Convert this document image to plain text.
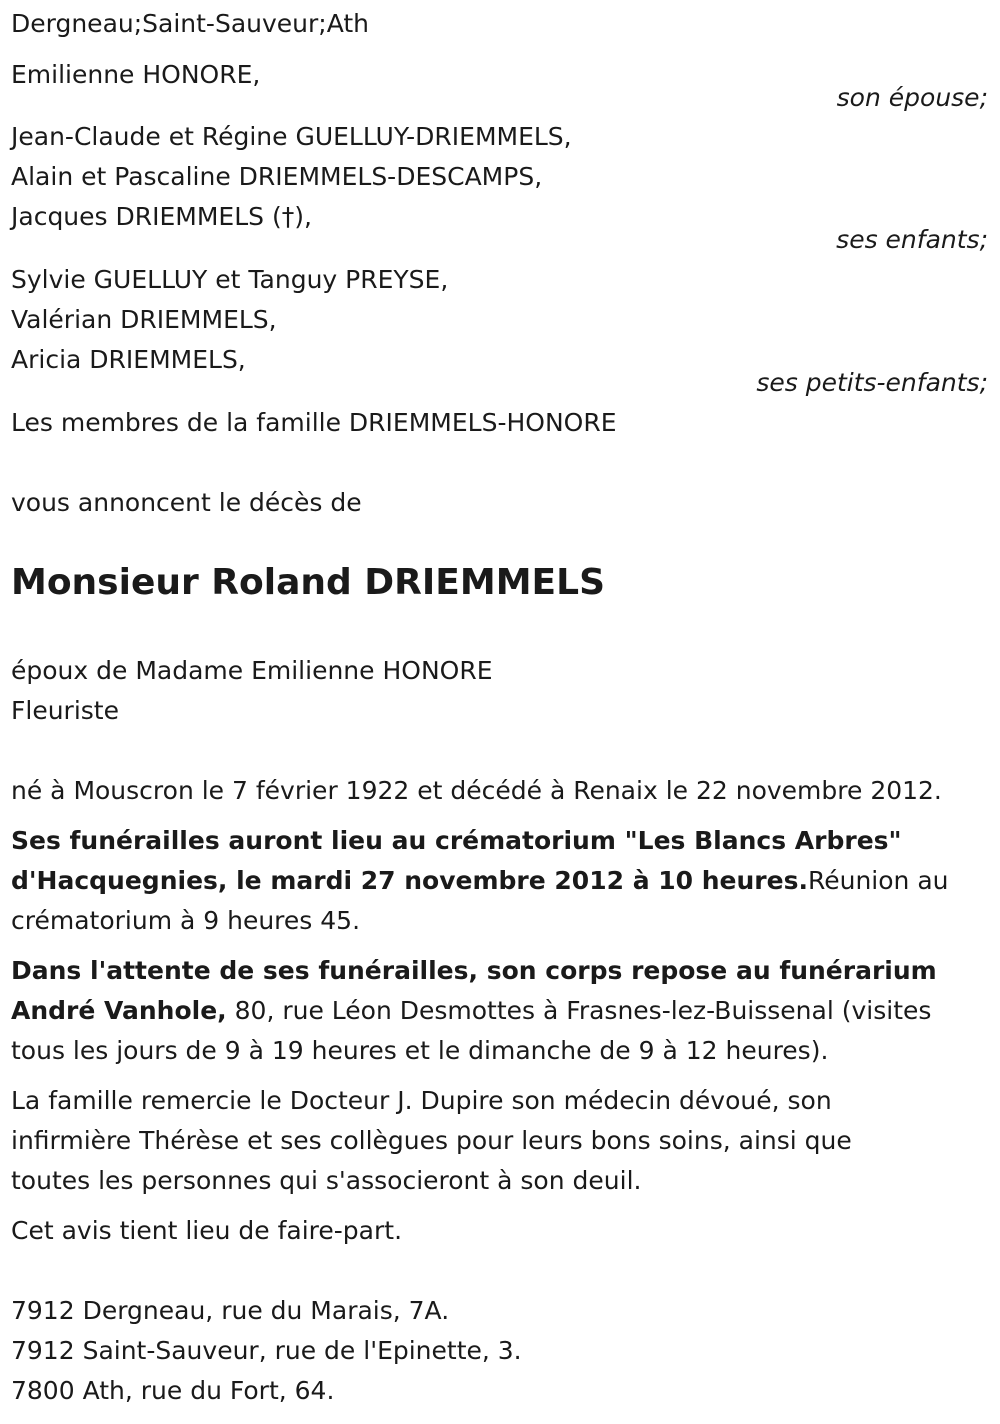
Dergneau;Saint-Sauveur;Ath
Emilienne HONORE,
son épouse;
Jean-Claude et Régine GUELLUY-DRIEMMELS,
Alain et Pascaline DRIEMMELS-DESCAMPS,
Jacques DRIEMMELS (†),
ses enfants;
Sylvie GUELLUY et Tanguy PREYSE,
Valérian DRIEMMELS,
Aricia DRIEMMELS,
ses petits-enfants;
Les membres de la famille DRIEMMELS-HONORE
vous annoncent le décès de
Monsieur Roland DRIEMMELS
époux de Madame Emilienne HONORE
Fleuriste
né à Mouscron le 7 février 1922 et décédé à Renaix le 22 novembre 2012.
Ses funérailles auront lieu au crématorium "Les Blancs Arbres"
d'Hacquegnies, le mardi 27 novembre 2012 à 10 heures.Réunion au
crématorium à 9 heures 45.
Dans l'attente de ses funérailles, son corps repose au funérarium
André Vanhole, 80, rue Léon Desmottes à Frasnes-lez-Buissenal (visites
tous les jours de 9 à 19 heures et le dimanche de 9 à 12 heures).
La famille remercie le Docteur J. Dupire son médecin dévoué, son
infirmière Thérèse et ses collègues pour leurs bons soins, ainsi que
toutes les personnes qui s'associeront à son deuil.
Cet avis tient lieu de faire-part.
7912 Dergneau, rue du Marais, 7A.
7912 Saint-Sauveur, rue de l'Epinette, 3.
7800 Ath, rue du Fort, 64.
